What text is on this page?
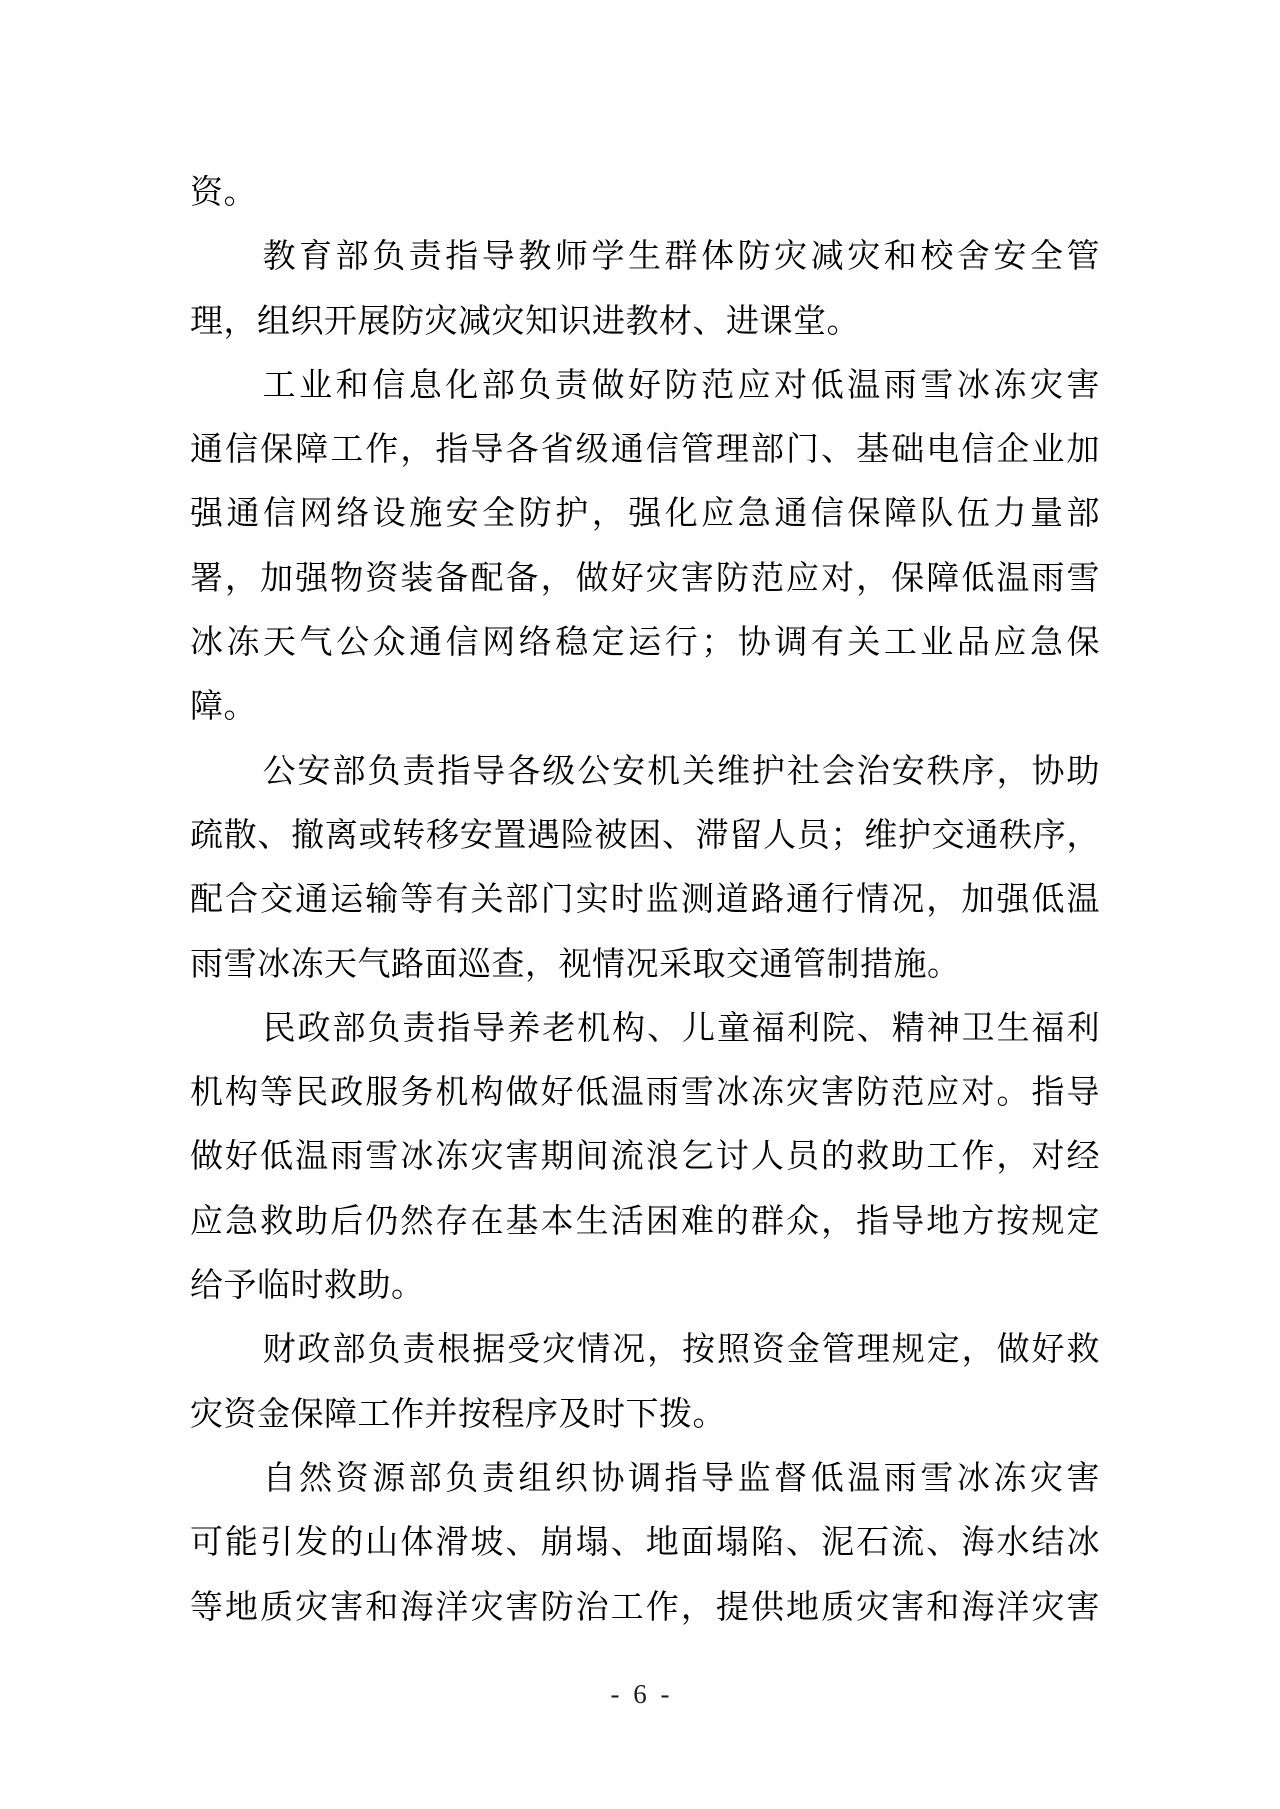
资。
教育部负责指导教师学生群体防灾减灾和校舍安全管
理，组织开展防灾减灾知识进教材、进课堂。
工业和信息化部负责做好防范应对低温雨雪冰冻灾害
通信保障工作，指导各省级通信管理部门、基础电信企业加
强通信网络设施安全防护，强化应急通信保障队伍力量部
署，加强物资装备配备，做好灾害防范应对，保障低温雨雪
冰冻天气公众通信网络稳定运行；协调有关工业品应急保
障。
公安部负责指导各级公安机关维护社会治安秩序，协助
疏散、撤离或转移安置遇险被困、滞留人员；维护交通秩序，
配合交通运输等有关部门实时监测道路通行情况，加强低温
雨雪冰冻天气路面巡查，视情况采取交通管制措施。
民政部负责指导养老机构、儿童福利院、精神卫生福利
机构等民政服务机构做好低温雨雪冰冻灾害防范应对。指导
做好低温雨雪冰冻灾害期间流浪乞讨人员的救助工作，对经
应急救助后仍然存在基本生活困难的群众，指导地方按规定
给予临时救助。
财政部负责根据受灾情况，按照资金管理规定，做好救
灾资金保障工作并按程序及时下拨。
自然资源部负责组织协调指导监督低温雨雪冰冻灾害
可能引发的山体滑坡、崩塌、地面塌陷、泥石流、海水结冰
等地质灾害和海洋灾害防治工作，提供地质灾害和海洋灾害
- 6 -
